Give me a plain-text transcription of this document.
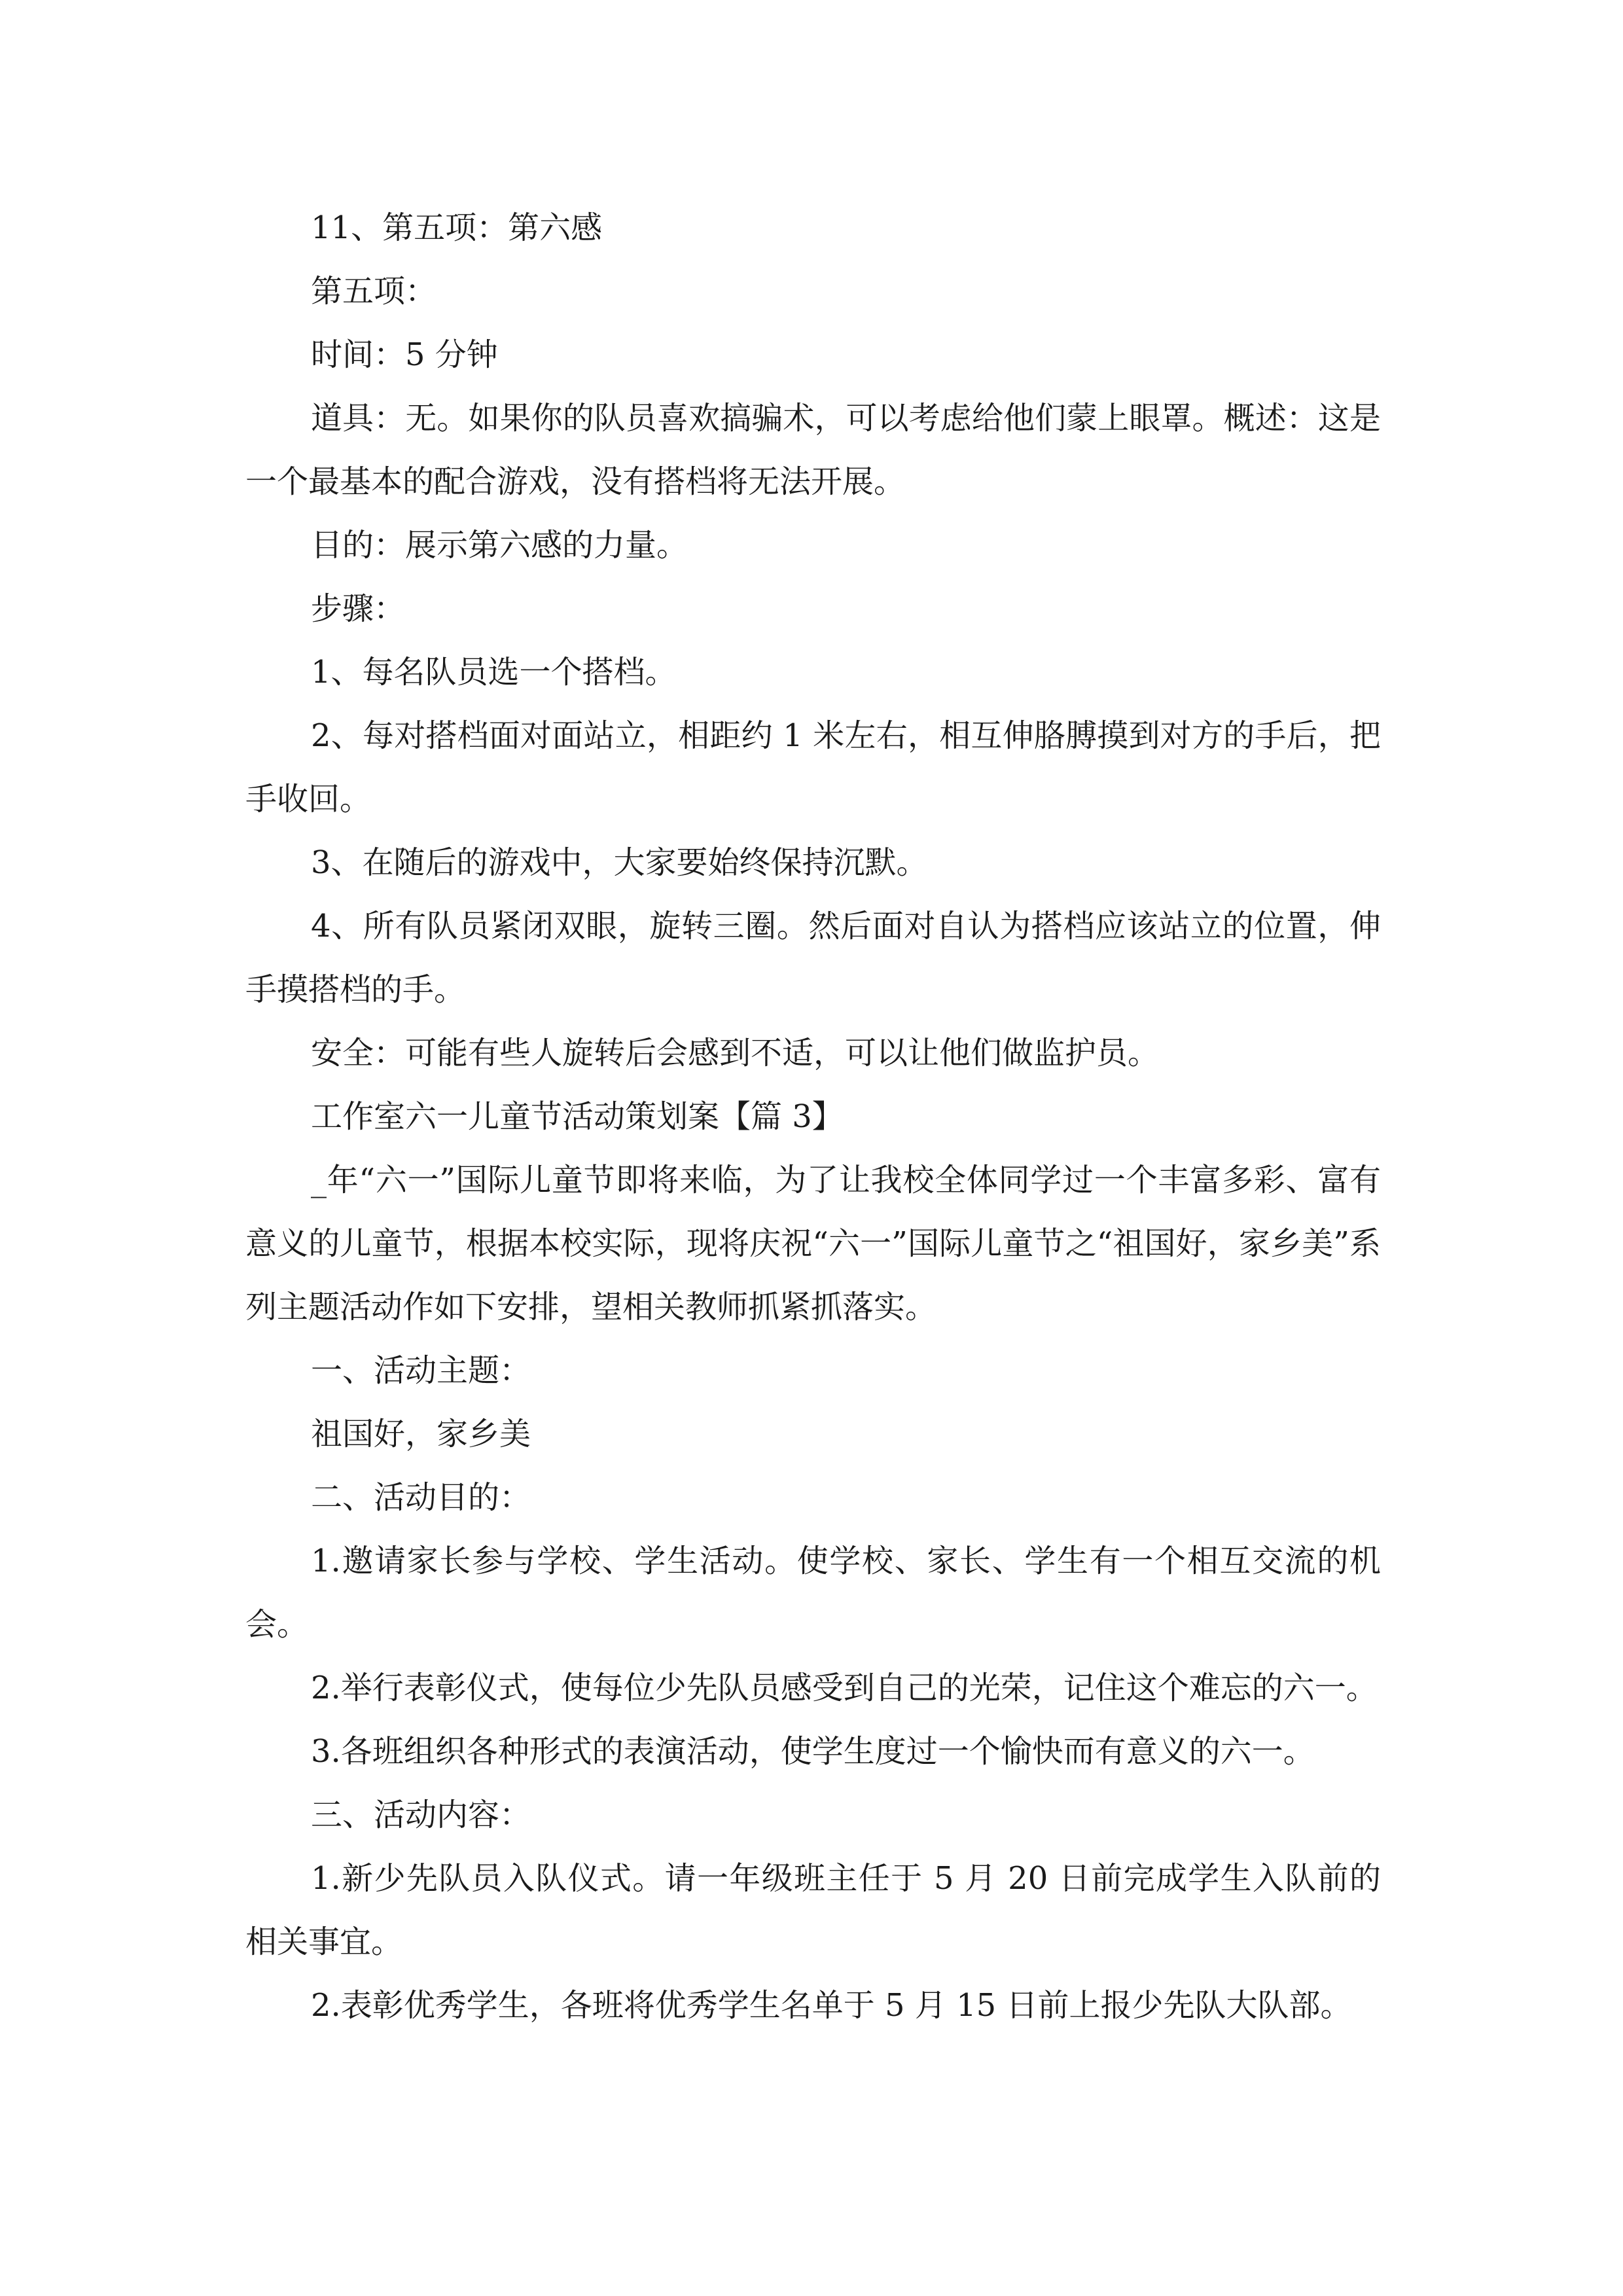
11、第五项：第六感

第五项：

时间：5 分钟

道具：无。如果你的队员喜欢搞骗术，可以考虑给他们蒙上眼罩。概述：这是一个最基本的配合游戏，没有搭档将无法开展。

目的：展示第六感的力量。

步骤：

1、每名队员选一个搭档。

2、每对搭档面对面站立，相距约 1 米左右，相互伸胳膊摸到对方的手后，把手收回。

3、在随后的游戏中，大家要始终保持沉默。

4、所有队员紧闭双眼，旋转三圈。然后面对自认为搭档应该站立的位置，伸手摸搭档的手。

安全：可能有些人旋转后会感到不适，可以让他们做监护员。

工作室六一儿童节活动策划案【篇 3】

_年“六一”国际儿童节即将来临，为了让我校全体同学过一个丰富多彩、富有意义的儿童节，根据本校实际，现将庆祝“六一”国际儿童节之“祖国好，家乡美”系列主题活动作如下安排，望相关教师抓紧抓落实。

一、活动主题：

祖国好，家乡美

二、活动目的：

1.邀请家长参与学校、学生活动。使学校、家长、学生有一个相互交流的机会。

2.举行表彰仪式，使每位少先队员感受到自己的光荣，记住这个难忘的六一。

3.各班组织各种形式的表演活动，使学生度过一个愉快而有意义的六一。

三、活动内容：

1.新少先队员入队仪式。请一年级班主任于 5 月 20 日前完成学生入队前的相关事宜。

2.表彰优秀学生，各班将优秀学生名单于 5 月 15 日前上报少先队大队部。
